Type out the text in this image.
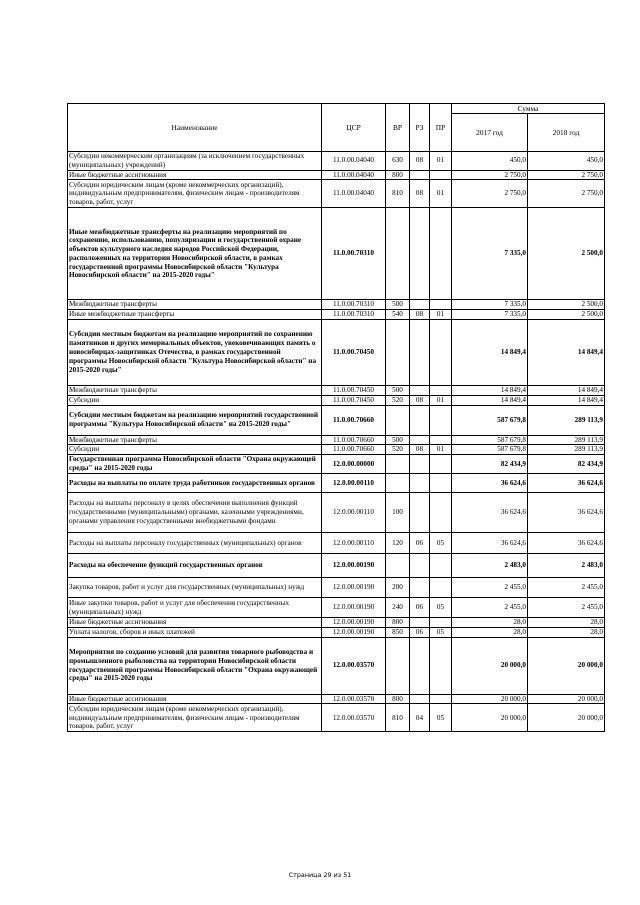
Наименование	ЦСР	ВР	РЗ	ПР	Сумма	
					2017 год	2018 год
Субсидии некоммерческим организациям (за исключением государственных (муниципальных) учреждений)	11.0.00.04040	630	08	01	450,0	450,0
Иные бюджетные ассигнования	11.0.00.04040	800			2 750,0	2 750,0
Субсидии юридическим лицам (кроме некоммерческих организаций), индивидуальным предпринимателям, физическим лицам - производителям товаров, работ, услуг	11.0.00.04040	810	08	01	2 750,0	2 750,0
Иные межбюджетные трансферты на реализацию мероприятий по сохранению, использованию, популяризации и государственной охране объектов культурного наследия народов Российской Федерации, расположенных на территории Новосибирской области, в рамках государственной программы Новосибирской области "Культура Новосибирской области" на 2015-2020 годы"	11.0.00.70310				7 335,0	2 500,0
Межбюджетные трансферты	11.0.00.70310	500			7 335,0	2 500,0
Иные межбюджетные трансферты	11.0.00.70310	540	08	01	7 335,0	2 500,0
Субсидии местным бюджетам на реализацию мероприятий по сохранению памятников и других мемориальных объектов, увековечивающих память о новосибирцах-защитниках Отечества, в рамках государственной программы Новосибирской области "Культура Новосибирской области" на 2015-2020 годы"	11.0.00.70450				14 849,4	14 849,4
Межбюджетные трансферты	11.0.00.70450	500			14 849,4	14 849,4
Субсидии	11.0.00.70450	520	08	01	14 849,4	14 849,4
Субсидии местным бюджетам на реализацию мероприятий государственной программы "Культура Новосибирской области" на 2015-2020 годы"	11.0.00.70660				587 679,8	289 113,9
Межбюджетные трансферты	11.0.00.70660	500			587 679,8	289 113,9
Субсидии	11.0.00.70660	520	08	01	587 679,8	289 113,9
Государственная программа Новосибирской области "Охрана окружающей среды" на 2015-2020 годы	12.0.00.00000				82 434,9	82 434,9
Расходы на выплаты по оплате труда работников государственных органов	12.0.00.00110				36 624,6	36 624,6
Расходы на выплаты персоналу в целях обеспечения выполнения функций государственными (муниципальными) органами, казенными учреждениями, органами управления государственными внебюджетными фондами	12.0.00.00110	100			36 624,6	36 624,6
Расходы на выплаты персоналу государственных (муниципальных) органов	12.0.00.00110	120	06	05	36 624,6	36 624,6
Расходы на обеспечение функций государственных органов	12.0.00.00190				2 483,0	2 483,0
Закупка товаров, работ и услуг для государственных (муниципальных) нужд	12.0.00.00190	200			2 455,0	2 455,0
Иные закупки товаров, работ и услуг для обеспечения государственных (муниципальных) нужд	12.0.00.00190	240	06	05	2 455,0	2 455,0
Иные бюджетные ассигнования	12.0.00.00190	800			28,0	28,0
Уплата налогов, сборов и иных платежей	12.0.00.00190	850	06	05	28,0	28,0
Мероприятия по созданию условий для развития товарного рыбоводства и промышленного рыболовства на территории Новосибирской области государственной программы Новосибирской области "Охрана окружающей среды" на 2015-2020 годы	12.0.00.03570				20 000,0	20 000,0
Иные бюджетные ассигнования	12.0.00.03570	800			20 000,0	20 000,0
Субсидии юридическим лицам (кроме некоммерческих организаций), индивидуальным предпринимателям, физическим лицам - производителям товаров, работ, услуг	12.0.00.03570	810	04	05	20 000,0	20 000,0
Страница 29 из 51
